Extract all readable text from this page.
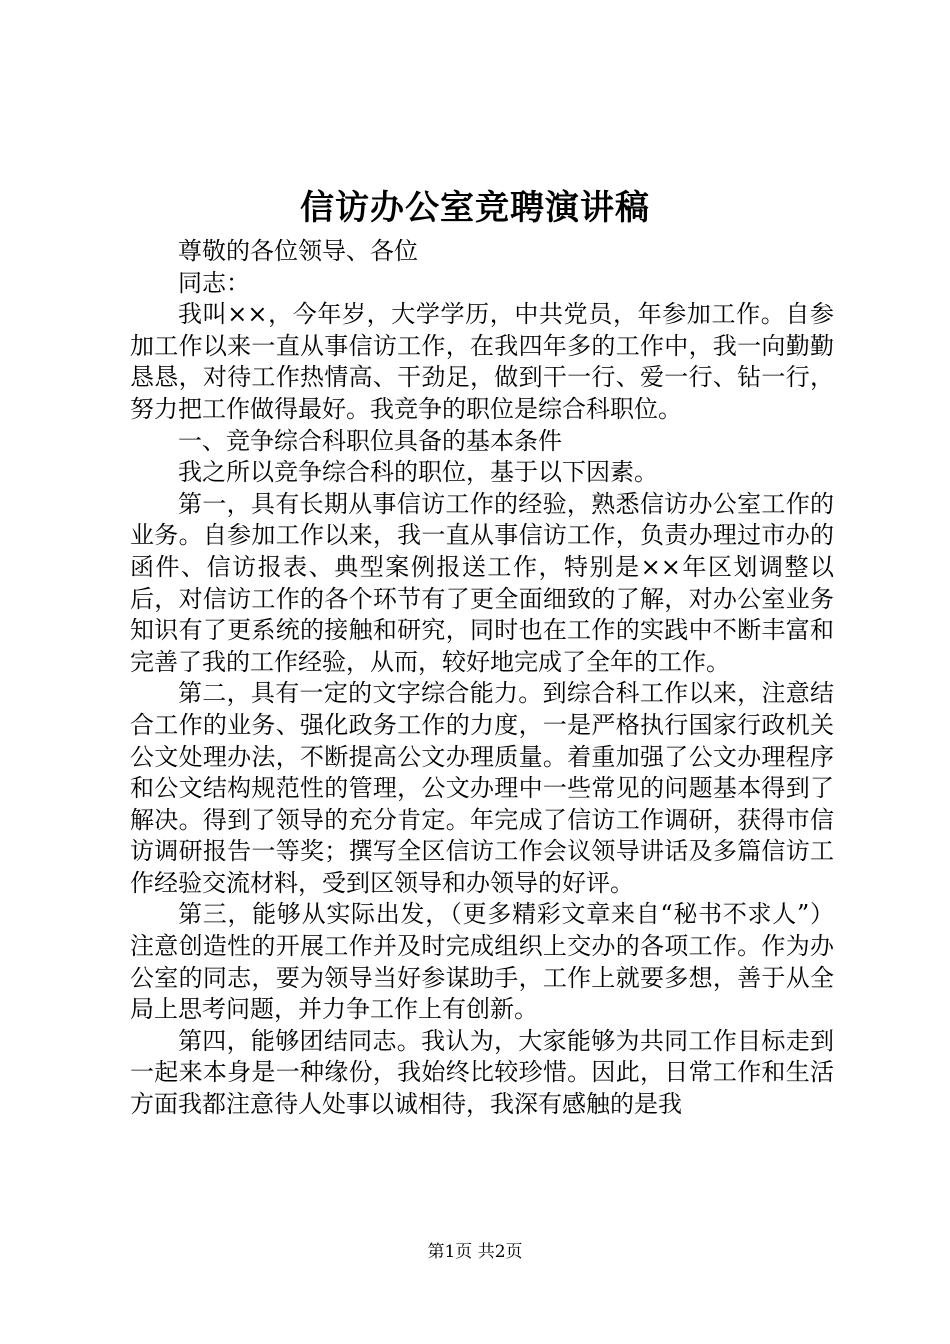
信访办公室竞聘演讲稿

尊敬的各位领导、各位

同志：

我叫××，今年岁，大学学历，中共党员，年参加工作。自参加工作以来一直从事信访工作，在我四年多的工作中，我一向勤勤恳恳，对待工作热情高、干劲足，做到干一行、爱一行、钻一行，努力把工作做得最好。我竞争的职位是综合科职位。

一、竞争综合科职位具备的基本条件

我之所以竞争综合科的职位，基于以下因素。

第一，具有长期从事信访工作的经验，熟悉信访办公室工作的业务。自参加工作以来，我一直从事信访工作，负责办理过市办的函件、信访报表、典型案例报送工作，特别是××年区划调整以后，对信访工作的各个环节有了更全面细致的了解，对办公室业务知识有了更系统的接触和研究，同时也在工作的实践中不断丰富和完善了我的工作经验，从而，较好地完成了全年的工作。

第二，具有一定的文字综合能力。到综合科工作以来，注意结合工作的业务、强化政务工作的力度，一是严格执行国家行政机关公文处理办法，不断提高公文办理质量。着重加强了公文办理程序和公文结构规范性的管理，公文办理中一些常见的问题基本得到了解决。得到了领导的充分肯定。年完成了信访工作调研，获得市信访调研报告一等奖；撰写全区信访工作会议领导讲话及多篇信访工作经验交流材料，受到区领导和办领导的好评。

第三，能够从实际出发，（更多精彩文章来自“秘书不求人”）注意创造性的开展工作并及时完成组织上交办的各项工作。作为办公室的同志，要为领导当好参谋助手，工作上就要多想，善于从全局上思考问题，并力争工作上有创新。

第四，能够团结同志。我认为，大家能够为共同工作目标走到一起来本身是一种缘份，我始终比较珍惜。因此，日常工作和生活方面我都注意待人处事以诚相待，我深有感触的是我

第1页 共2页
